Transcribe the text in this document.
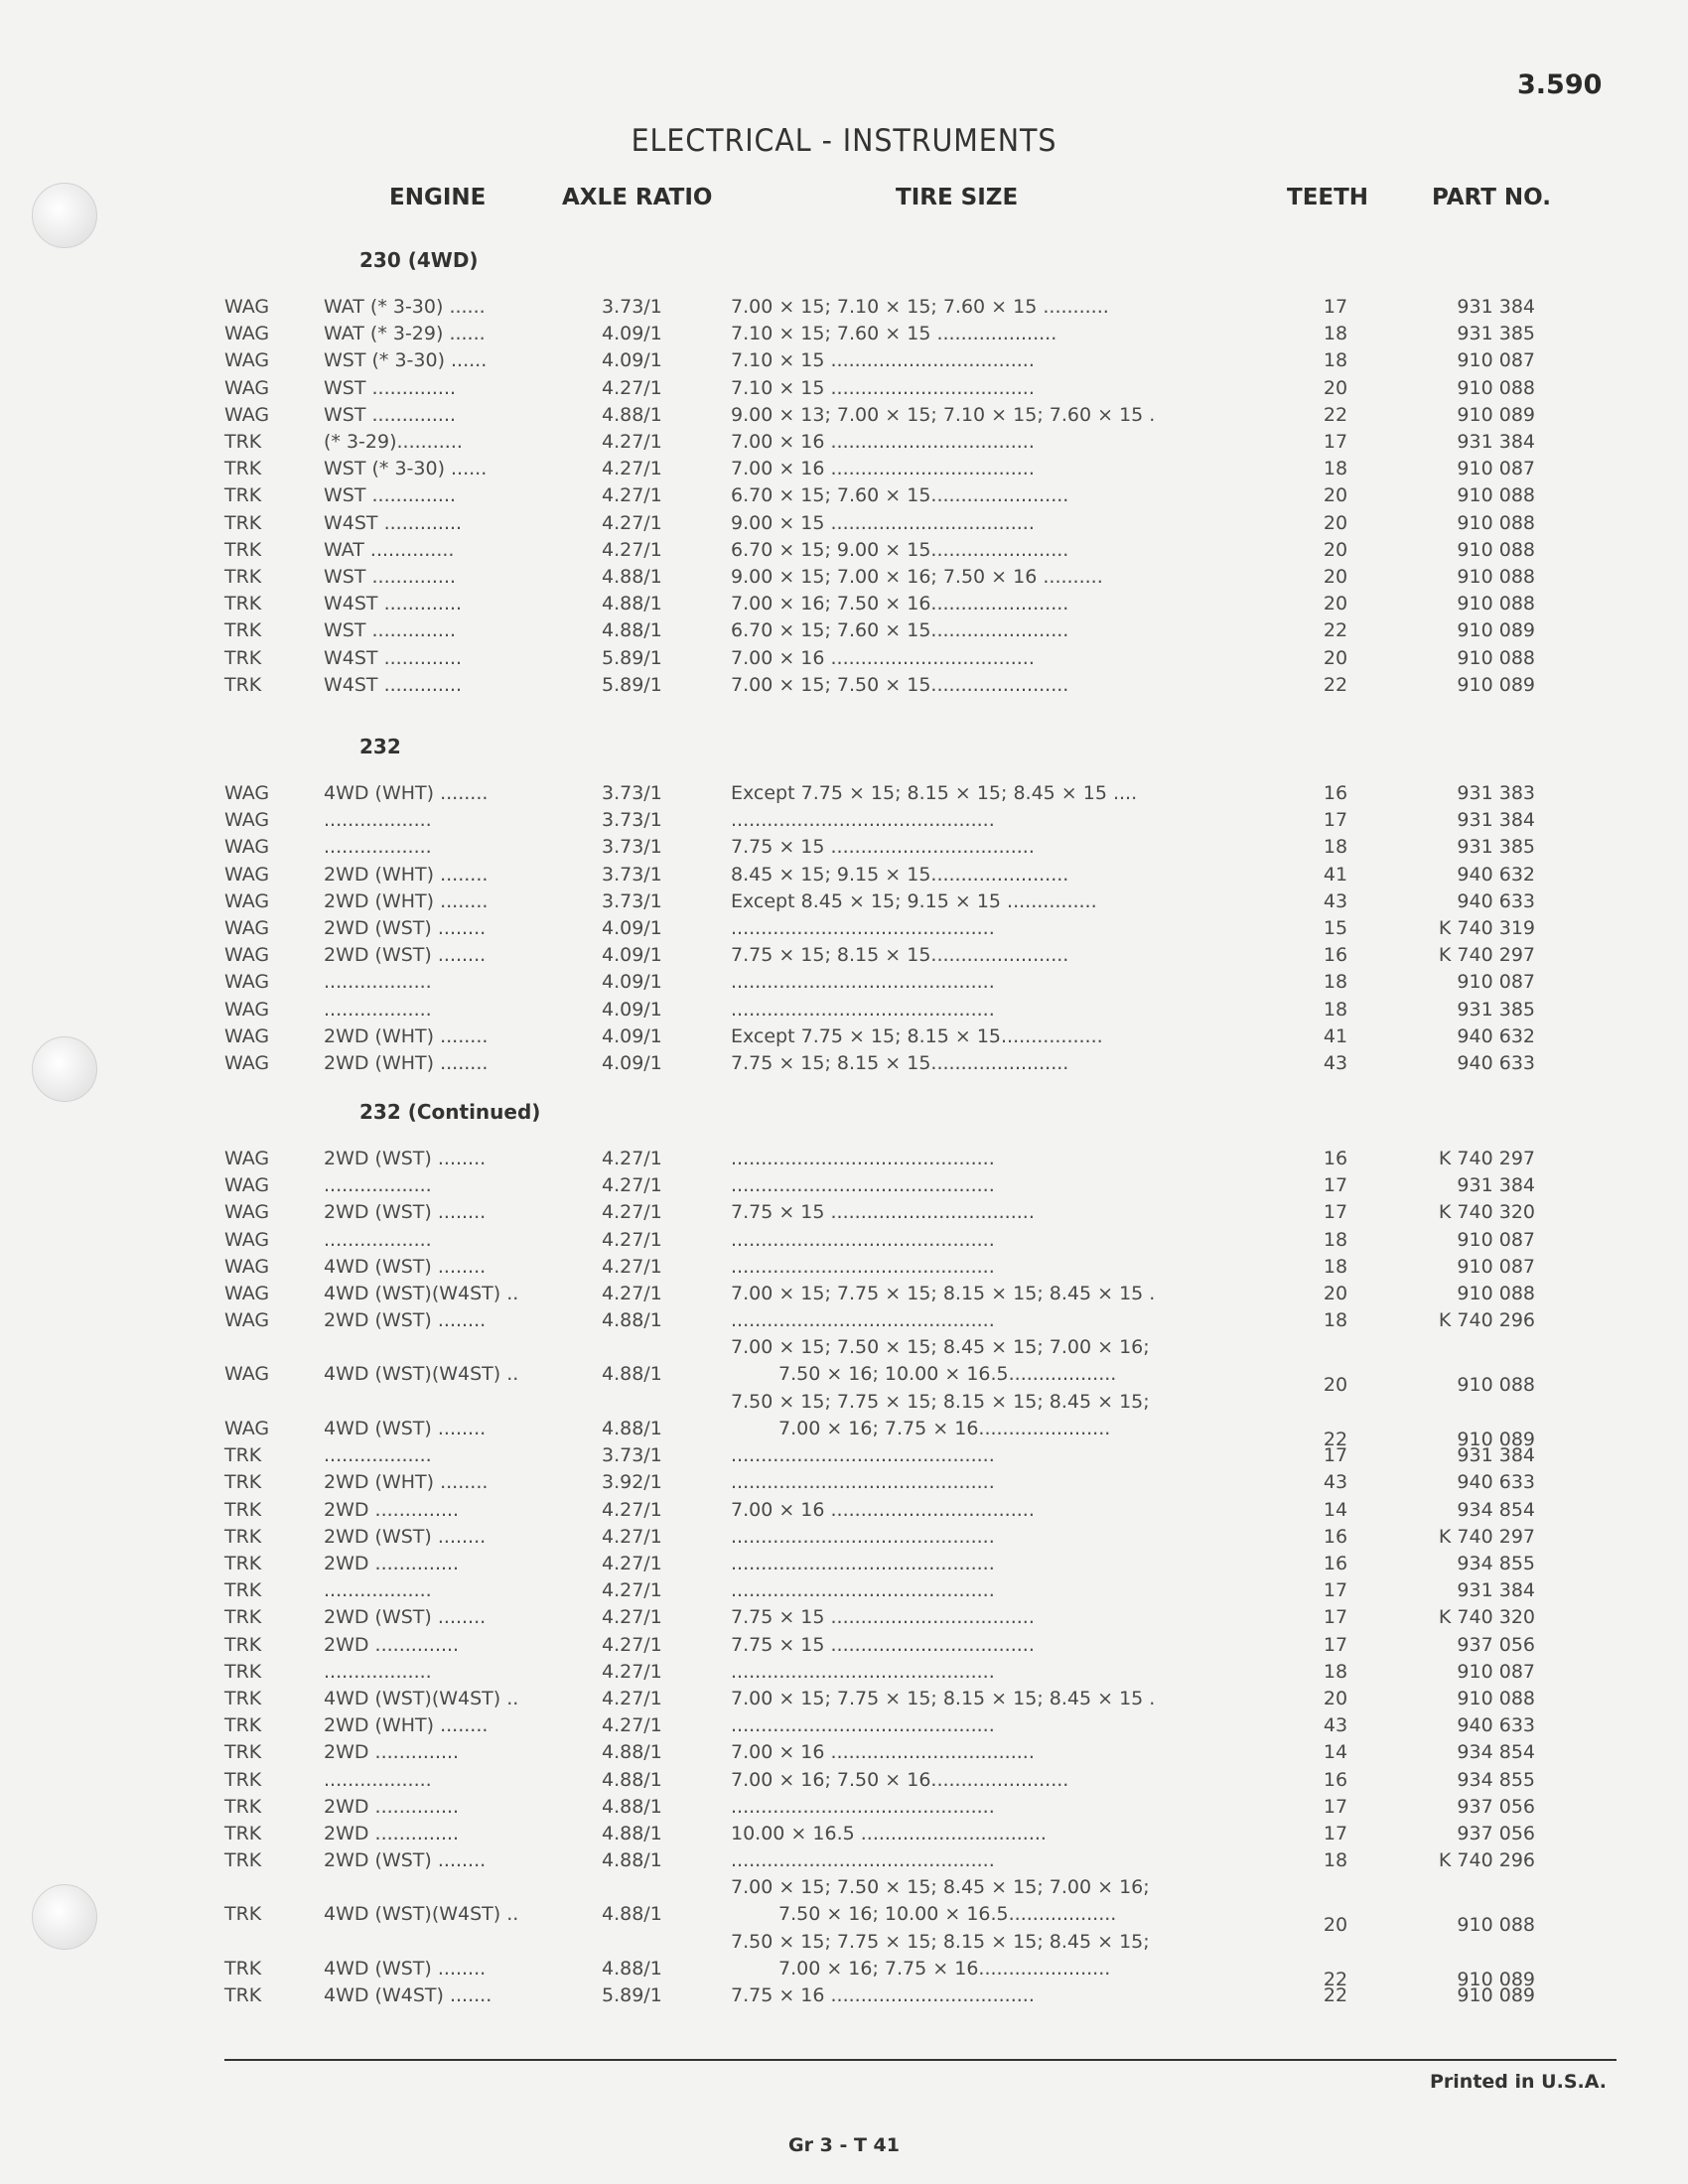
3.590
ELECTRICAL - INSTRUMENTS
ENGINE	AXLE RATIO	TIRE SIZE	TEETH	PART NO.
230 (4WD)
WAG	WAT (* 3-30) ......	3.73/1	7.00 × 15; 7.10 × 15; 7.60 × 15 ...........	17	931 384
WAG	WAT (* 3-29) ......	4.09/1	7.10 × 15; 7.60 × 15 ....................	18	931 385
WAG	WST (* 3-30) ......	4.09/1	7.10 × 15 ..................................	18	910 087
WAG	WST ..............	4.27/1	7.10 × 15 ..................................	20	910 088
WAG	WST ..............	4.88/1	9.00 × 13; 7.00 × 15; 7.10 × 15; 7.60 × 15 .	22	910 089
TRK	(* 3-29)...........	4.27/1	7.00 × 16 ..................................	17	931 384
TRK	WST (* 3-30) ......	4.27/1	7.00 × 16 ..................................	18	910 087
TRK	WST ..............	4.27/1	6.70 × 15; 7.60 × 15.......................	20	910 088
TRK	W4ST .............	4.27/1	9.00 × 15 ..................................	20	910 088
TRK	WAT ..............	4.27/1	6.70 × 15; 9.00 × 15.......................	20	910 088
TRK	WST ..............	4.88/1	9.00 × 15; 7.00 × 16; 7.50 × 16 ..........	20	910 088
TRK	W4ST .............	4.88/1	7.00 × 16; 7.50 × 16.......................	20	910 088
TRK	WST ..............	4.88/1	6.70 × 15; 7.60 × 15.......................	22	910 089
TRK	W4ST .............	5.89/1	7.00 × 16 ..................................	20	910 088
TRK	W4ST .............	5.89/1	7.00 × 15; 7.50 × 15.......................	22	910 089
232
WAG	4WD (WHT) ........	3.73/1	Except 7.75 × 15; 8.15 × 15; 8.45 × 15 ....	16	931 383
WAG	..................	3.73/1	............................................	17	931 384
WAG	..................	3.73/1	7.75 × 15 ..................................	18	931 385
WAG	2WD (WHT) ........	3.73/1	8.45 × 15; 9.15 × 15.......................	41	940 632
WAG	2WD (WHT) ........	3.73/1	Except 8.45 × 15; 9.15 × 15 ...............	43	940 633
WAG	2WD (WST) ........	4.09/1	............................................	15	K 740 319
WAG	2WD (WST) ........	4.09/1	7.75 × 15; 8.15 × 15.......................	16	K 740 297
WAG	..................	4.09/1	............................................	18	910 087
WAG	..................	4.09/1	............................................	18	931 385
WAG	2WD (WHT) ........	4.09/1	Except 7.75 × 15; 8.15 × 15.................	41	940 632
WAG	2WD (WHT) ........	4.09/1	7.75 × 15; 8.15 × 15.......................	43	940 633
232 (Continued)
WAG	2WD (WST) ........	4.27/1	............................................	16	K 740 297
WAG	..................	4.27/1	............................................	17	931 384
WAG	2WD (WST) ........	4.27/1	7.75 × 15 ..................................	17	K 740 320
WAG	..................	4.27/1	............................................	18	910 087
WAG	4WD (WST) ........	4.27/1	............................................	18	910 087
WAG	4WD (WST)(W4ST) ..	4.27/1	7.00 × 15; 7.75 × 15; 8.15 × 15; 8.45 × 15 .	20	910 088
WAG	2WD (WST) ........	4.88/1	............................................	18	K 740 296
WAG	4WD (WST)(W4ST) ..	4.88/1
7.00 × 15; 7.50 × 15; 8.45 × 15; 7.00 × 16;
7.50 × 16; 10.00 × 16.5..................	20	910 088
WAG	4WD (WST) ........	4.88/1
7.50 × 15; 7.75 × 15; 8.15 × 15; 8.45 × 15;
7.00 × 16; 7.75 × 16......................	22	910 089
TRK	..................	3.73/1	............................................	17	931 384
TRK	2WD (WHT) ........	3.92/1	............................................	43	940 633
TRK	2WD ..............	4.27/1	7.00 × 16 ..................................	14	934 854
TRK	2WD (WST) ........	4.27/1	............................................	16	K 740 297
TRK	2WD ..............	4.27/1	............................................	16	934 855
TRK	..................	4.27/1	............................................	17	931 384
TRK	2WD (WST) ........	4.27/1	7.75 × 15 ..................................	17	K 740 320
TRK	2WD ..............	4.27/1	7.75 × 15 ..................................	17	937 056
TRK	..................	4.27/1	............................................	18	910 087
TRK	4WD (WST)(W4ST) ..	4.27/1	7.00 × 15; 7.75 × 15; 8.15 × 15; 8.45 × 15 .	20	910 088
TRK	2WD (WHT) ........	4.27/1	............................................	43	940 633
TRK	2WD ..............	4.88/1	7.00 × 16 ..................................	14	934 854
TRK	..................	4.88/1	7.00 × 16; 7.50 × 16.......................	16	934 855
TRK	2WD ..............	4.88/1	............................................	17	937 056
TRK	2WD ..............	4.88/1	10.00 × 16.5 ...............................	17	937 056
TRK	2WD (WST) ........	4.88/1	............................................	18	K 740 296
TRK	4WD (WST)(W4ST) ..	4.88/1
7.00 × 15; 7.50 × 15; 8.45 × 15; 7.00 × 16;
7.50 × 16; 10.00 × 16.5..................	20	910 088
TRK	4WD (WST) ........	4.88/1
7.50 × 15; 7.75 × 15; 8.15 × 15; 8.45 × 15;
7.00 × 16; 7.75 × 16......................	22	910 089
TRK	4WD (W4ST) .......	5.89/1	7.75 × 16 ..................................	22	910 089
Printed in U.S.A.
Gr 3 - T 41
